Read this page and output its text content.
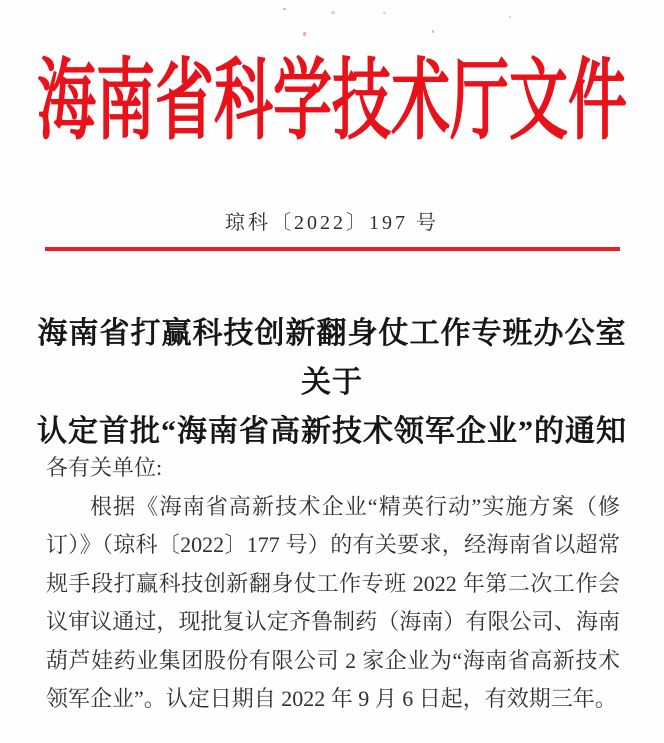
海南省科学技术厅文件
琼科〔2022〕197 号
海南省打赢科技创新翻身仗工作专班办公室关于
认定首批“海南省高新技术领军企业”的通知

各有关单位:

根据《海南省高新技术企业“精英行动”实施方案（修订）》（琼科〔2022〕177 号）的有关要求，经海南省以超常规手段打赢科技创新翻身仗工作专班 2022 年第二次工作会议审议通过，现批复认定齐鲁制药（海南）有限公司、海南葫芦娃药业集团股份有限公司 2 家企业为“海南省高新技术领军企业”。认定日期自 2022 年 9 月 6 日起，有效期三年。
